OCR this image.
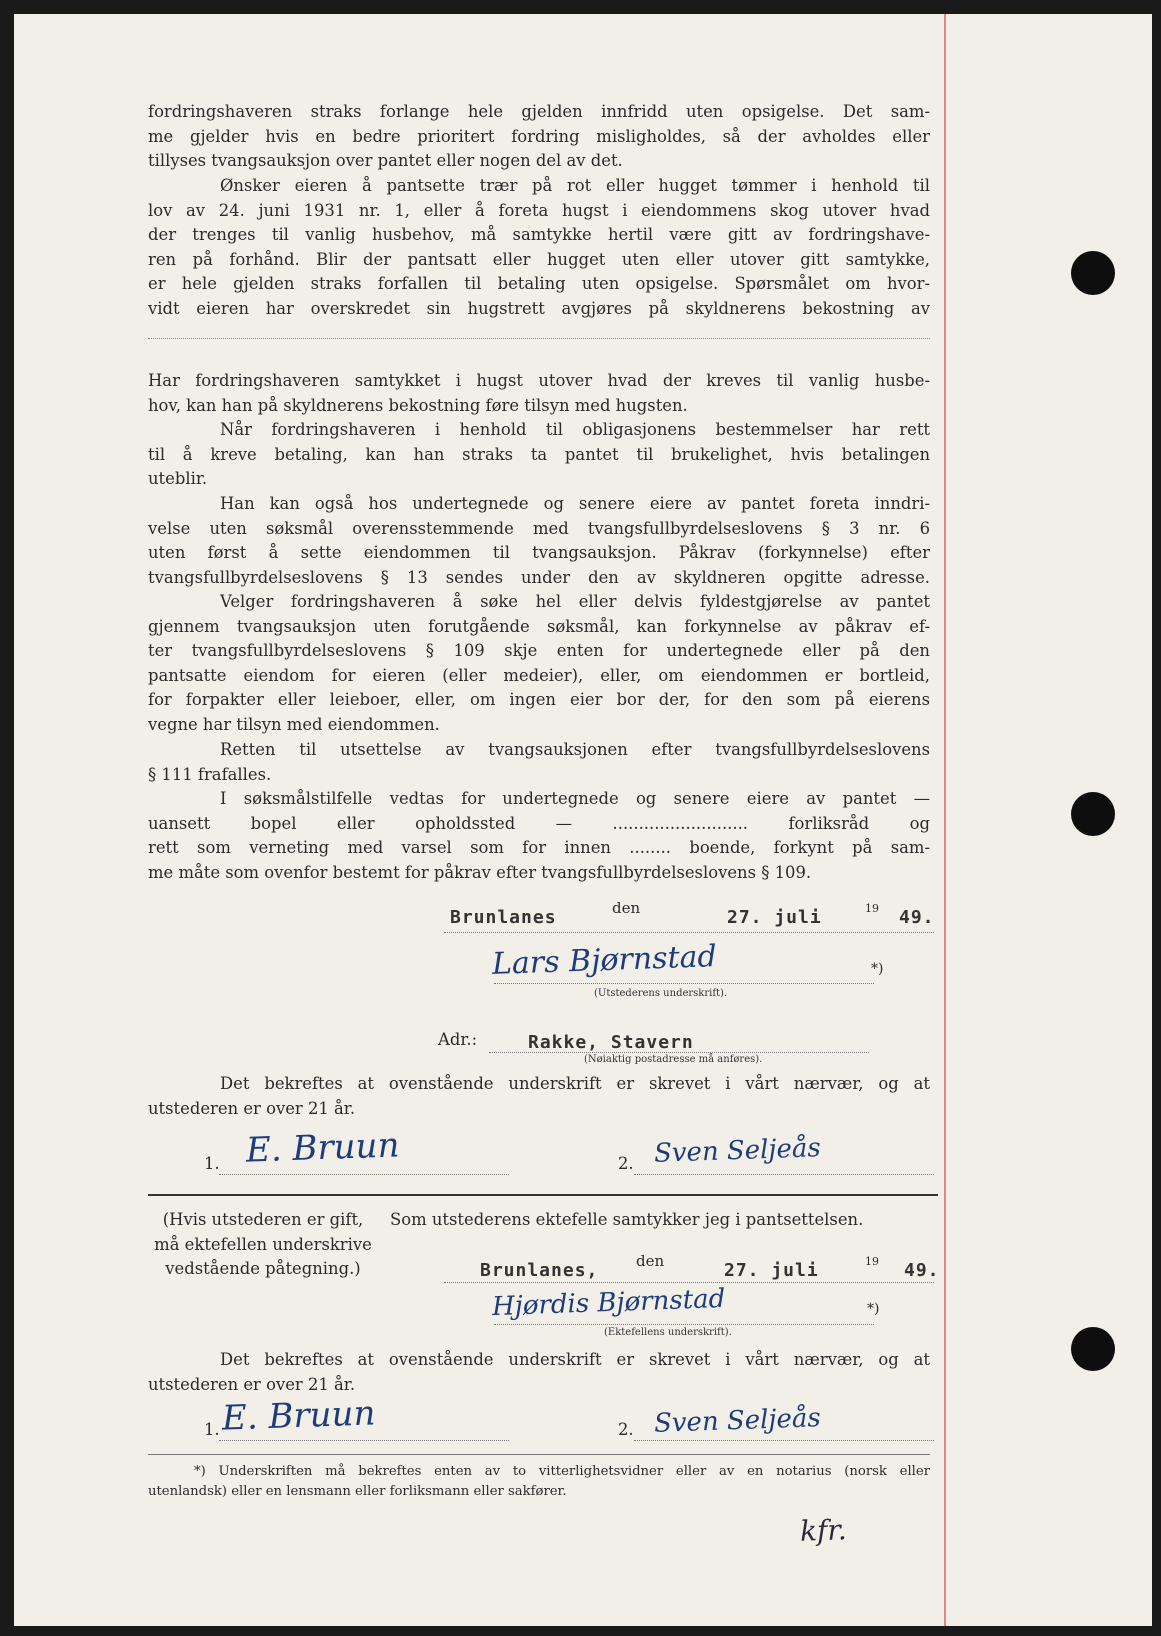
fordringshaveren straks forlange hele gjelden innfridd uten opsigelse. Det sam-
me gjelder hvis en bedre prioritert fordring misligholdes, så der avholdes eller
tillyses tvangsauksjon over pantet eller nogen del av det.
Ønsker eieren å pantsette trær på rot eller hugget tømmer i henhold til
lov av 24. juni 1931 nr. 1, eller å foreta hugst i eiendommens skog utover hvad
der trenges til vanlig husbehov, må samtykke hertil være gitt av fordringshave-
ren på forhånd. Blir der pantsatt eller hugget uten eller utover gitt samtykke,
er hele gjelden straks forfallen til betaling uten opsigelse. Spørsmålet om hvor-
vidt eieren har overskredet sin hugstrett avgjøres på skyldnerens bekostning av
Har fordringshaveren samtykket i hugst utover hvad der kreves til vanlig husbe-
hov, kan han på skyldnerens bekostning føre tilsyn med hugsten.
Når fordringshaveren i henhold til obligasjonens bestemmelser har rett
til å kreve betaling, kan han straks ta pantet til brukelighet, hvis betalingen
uteblir.
Han kan også hos undertegnede og senere eiere av pantet foreta inndri-
velse uten søksmål overensstemmende med tvangsfullbyrdelseslovens § 3 nr. 6
uten først å sette eiendommen til tvangsauksjon. Påkrav (forkynnelse) efter
tvangsfullbyrdelseslovens § 13 sendes under den av skyldneren opgitte adresse.
Velger fordringshaveren å søke hel eller delvis fyldestgjørelse av pantet
gjennem tvangsauksjon uten forutgående søksmål, kan forkynnelse av påkrav ef-
ter tvangsfullbyrdelseslovens § 109 skje enten for undertegnede eller på den
pantsatte eiendom for eieren (eller medeier), eller, om eiendommen er bortleid,
for forpakter eller leieboer, eller, om ingen eier bor der, for den som på eierens
vegne har tilsyn med eiendommen.
Retten til utsettelse av tvangsauksjonen efter tvangsfullbyrdelseslovens
§ 111 frafalles.
I søksmålstilfelle vedtas for undertegnede og senere eiere av pantet —
uansett bopel eller opholdssted — .......................... forliksråd og
rett som verneting med varsel som for innen ........ boende, forkynt på sam-
me måte som ovenfor bestemt for påkrav efter tvangsfullbyrdelseslovens § 109.
Brunlanes	den	27. juli	19 49.
Lars Bjørnstad	*)
(Utstederens underskrift).
Adr.:	Rakke, Stavern
(Nøiaktig postadresse må anføres).
Det bekreftes at ovenstående underskrift er skrevet i vårt nærvær, og at
utstederen er over 21 år.
1. E. Bruun	2. Sven Seljeås
(Hvis utstederen er gift,
må ektefellen underskrive
vedstående påtegning.)
Som utstederens ektefelle samtykker jeg i pantsettelsen.
Brunlanes,	den	27. juli	19 49.
Hjørdis Bjørnstad	*)
(Ektefellens underskrift).
Det bekreftes at ovenstående underskrift er skrevet i vårt nærvær, og at
utstederen er over 21 år.
1. E. Bruun	2. Sven Seljeås
*) Underskriften må bekreftes enten av to vitterlighetsvidner eller av en notarius (norsk eller
utenlandsk) eller en lensmann eller forliksmann eller sakfører.
kfr.
